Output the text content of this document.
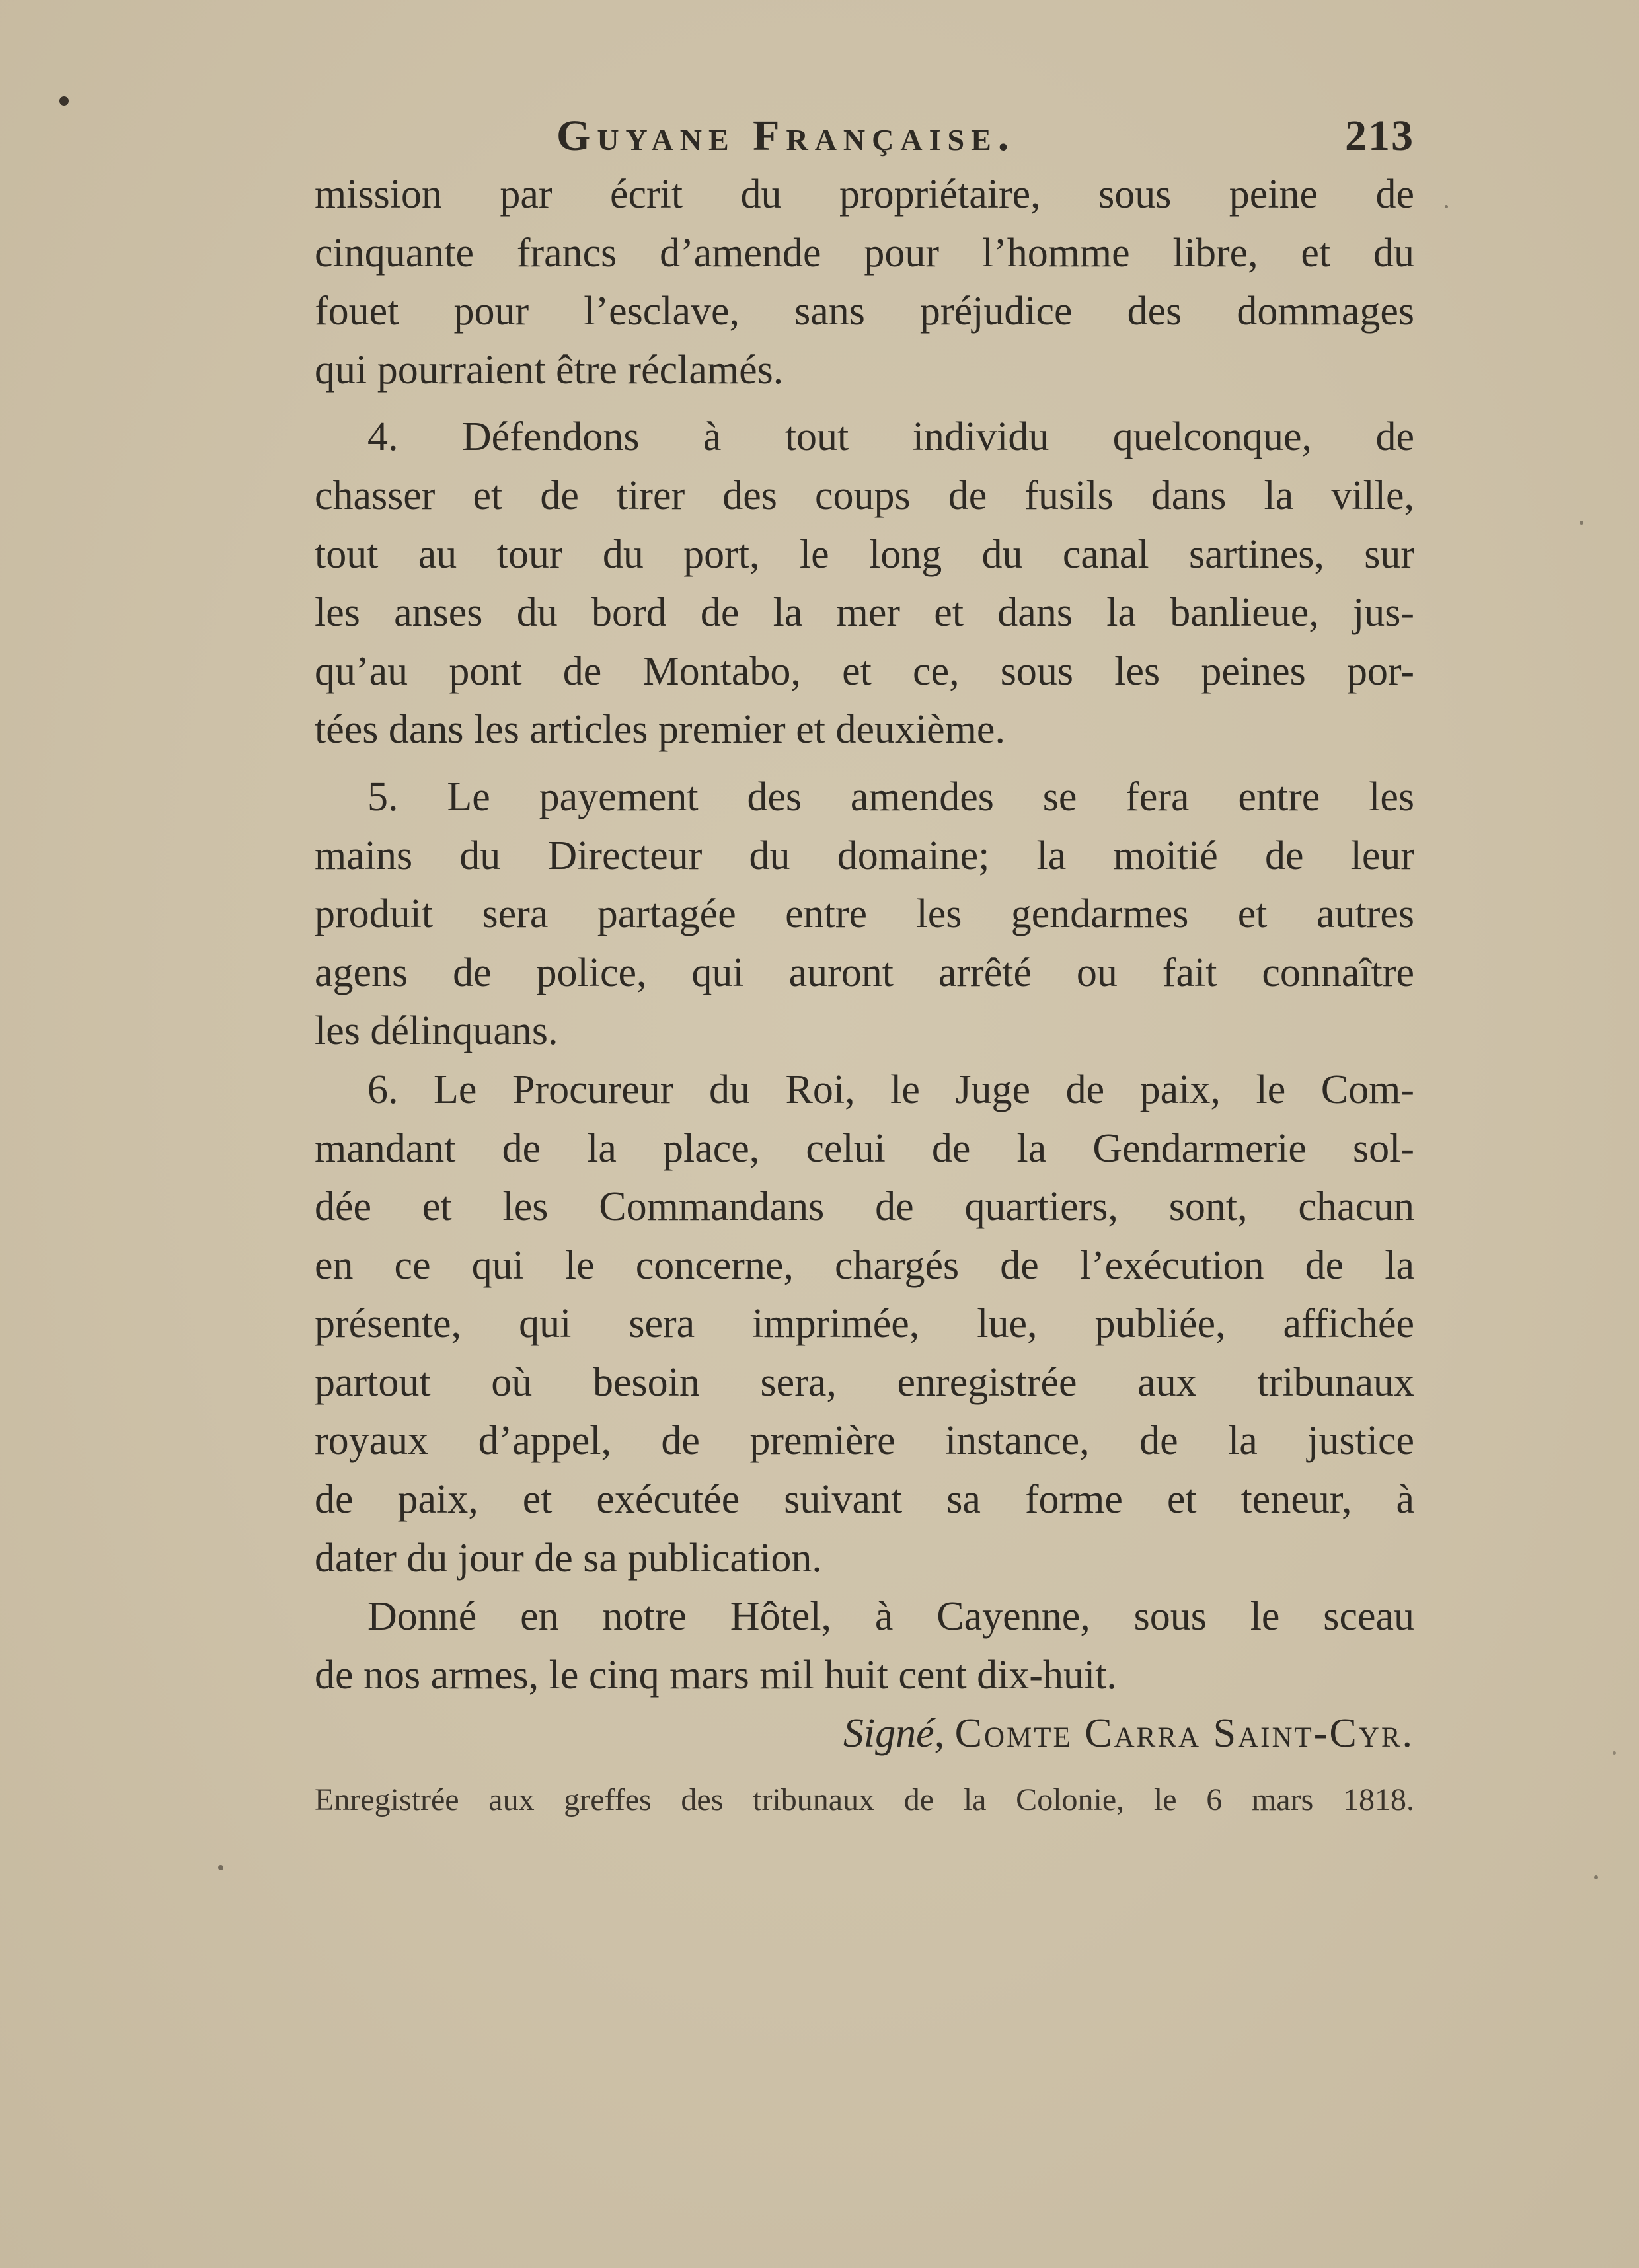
Guyane Française.	213
mission par écrit du propriétaire, sous peine de
cinquante francs d’amende pour l’homme libre, et du
fouet pour l’esclave, sans préjudice des dommages
qui pourraient être réclamés.
4. Défendons à tout individu quelconque, de
chasser et de tirer des coups de fusils dans la ville,
tout au tour du port, le long du canal sartines, sur
les anses du bord de la mer et dans la banlieue, jus-
qu’au pont de Montabo, et ce, sous les peines por-
tées dans les articles premier et deuxième.
5. Le payement des amendes se fera entre les
mains du Directeur du domaine; la moitié de leur
produit sera partagée entre les gendarmes et autres
agens de police, qui auront arrêté ou fait connaître
les délinquans.
6. Le Procureur du Roi, le Juge de paix, le Com-
mandant de la place, celui de la Gendarmerie sol-
dée et les Commandans de quartiers, sont, chacun
en ce qui le concerne, chargés de l’exécution de la
présente, qui sera imprimée, lue, publiée, affichée
partout où besoin sera, enregistrée aux tribunaux
royaux d’appel, de première instance, de la justice
de paix, et exécutée suivant sa forme et teneur, à
dater du jour de sa publication.
Donné en notre Hôtel, à Cayenne, sous le sceau
de nos armes, le cinq mars mil huit cent dix-huit.
Signé, Comte Carra Saint-Cyr.
Enregistrée aux greffes des tribunaux de la Colonie, le 6 mars 1818.
